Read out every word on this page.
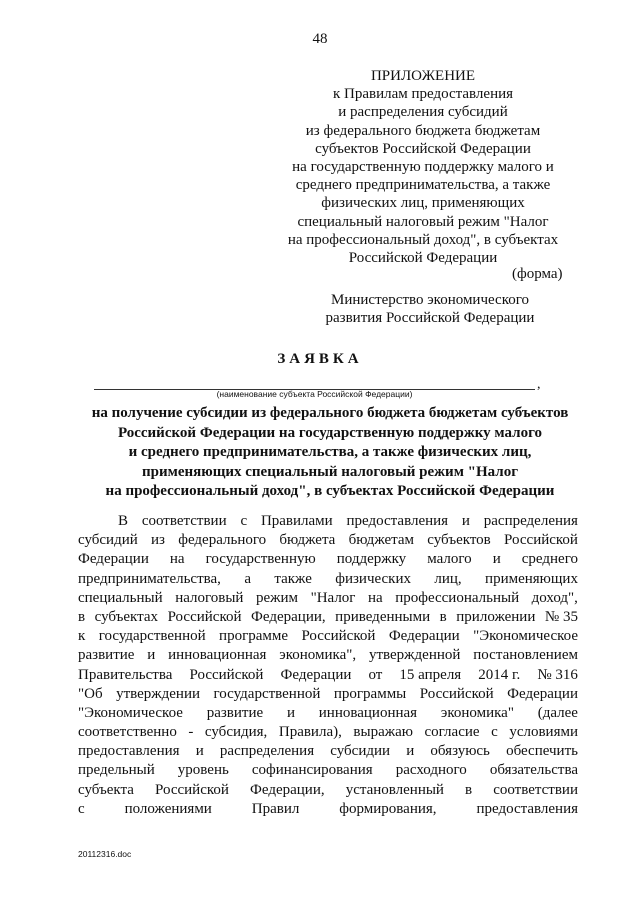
48
ПРИЛОЖЕНИЕ
к Правилам предоставления
и распределения субсидий
из федерального бюджета бюджетам
субъектов Российской Федерации
на государственную поддержку малого и
среднего предпринимательства, а также
физических лиц, применяющих
специальный налоговый режим "Налог
на профессиональный доход", в субъектах
Российской Федерации
(форма)
Министерство экономического
развития Российской Федерации
ЗАЯВКА
,
(наименование субъекта Российской Федерации)
на получение субсидии из федерального бюджета бюджетам субъектов
Российской Федерации на государственную поддержку малого
и среднего предпринимательства, а также физических лиц,
применяющих специальный налоговый режим "Налог
на профессиональный доход", в субъектах Российской Федерации
В соответствии с Правилами предоставления и распределения
субсидий из федерального бюджета бюджетам субъектов Российской
Федерации на государственную поддержку малого и среднего
предпринимательства, а также физических лиц, применяющих
специальный налоговый режим "Налог на профессиональный доход",
в субъектах Российской Федерации, приведенными в приложении № 35
к государственной программе Российской Федерации "Экономическое
развитие и инновационная экономика", утвержденной постановлением
Правительства Российской Федерации от 15 апреля 2014 г. № 316
"Об утверждении государственной программы Российской Федерации
"Экономическое развитие и инновационная экономика" (далее
соответственно - субсидия, Правила), выражаю согласие с условиями
предоставления и распределения субсидии и обязуюсь обеспечить
предельный уровень софинансирования расходного обязательства
субъекта Российской Федерации, установленный в соответствии
с	положениями	Правил	формирования,	предоставления
20112316.doc
